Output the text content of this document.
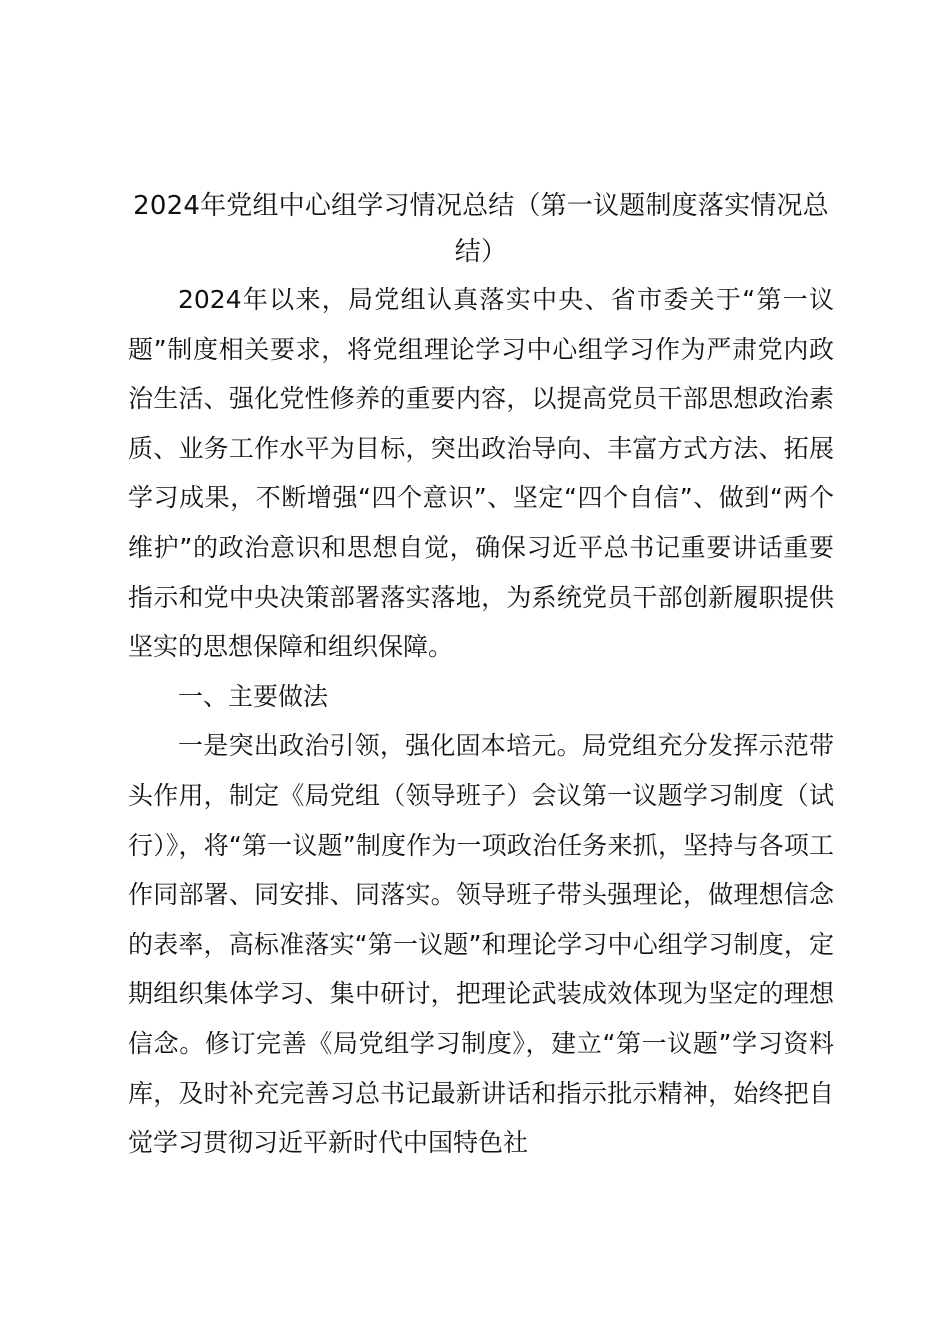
2024年党组中心组学习情况总结（第一议题制度落实情况总结）

2024年以来，局党组认真落实中央、省市委关于“第一议题”制度相关要求，将党组理论学习中心组学习作为严肃党内政治生活、强化党性修养的重要内容，以提高党员干部思想政治素质、业务工作水平为目标，突出政治导向、丰富方式方法、拓展学习成果，不断增强“四个意识”、坚定“四个自信”、做到“两个维护”的政治意识和思想自觉，确保习近平总书记重要讲话重要指示和党中央决策部署落实落地，为系统党员干部创新履职提供坚实的思想保障和组织保障。

一、主要做法

一是突出政治引领，强化固本培元。局党组充分发挥示范带头作用，制定《局党组（领导班子）会议第一议题学习制度（试行）》，将“第一议题”制度作为一项政治任务来抓，坚持与各项工作同部署、同安排、同落实。领导班子带头强理论，做理想信念的表率，高标准落实“第一议题”和理论学习中心组学习制度，定期组织集体学习、集中研讨，把理论武装成效体现为坚定的理想信念。修订完善《局党组学习制度》，建立“第一议题”学习资料库，及时补充完善习总书记最新讲话和指示批示精神，始终把自觉学习贯彻习近平新时代中国特色社
